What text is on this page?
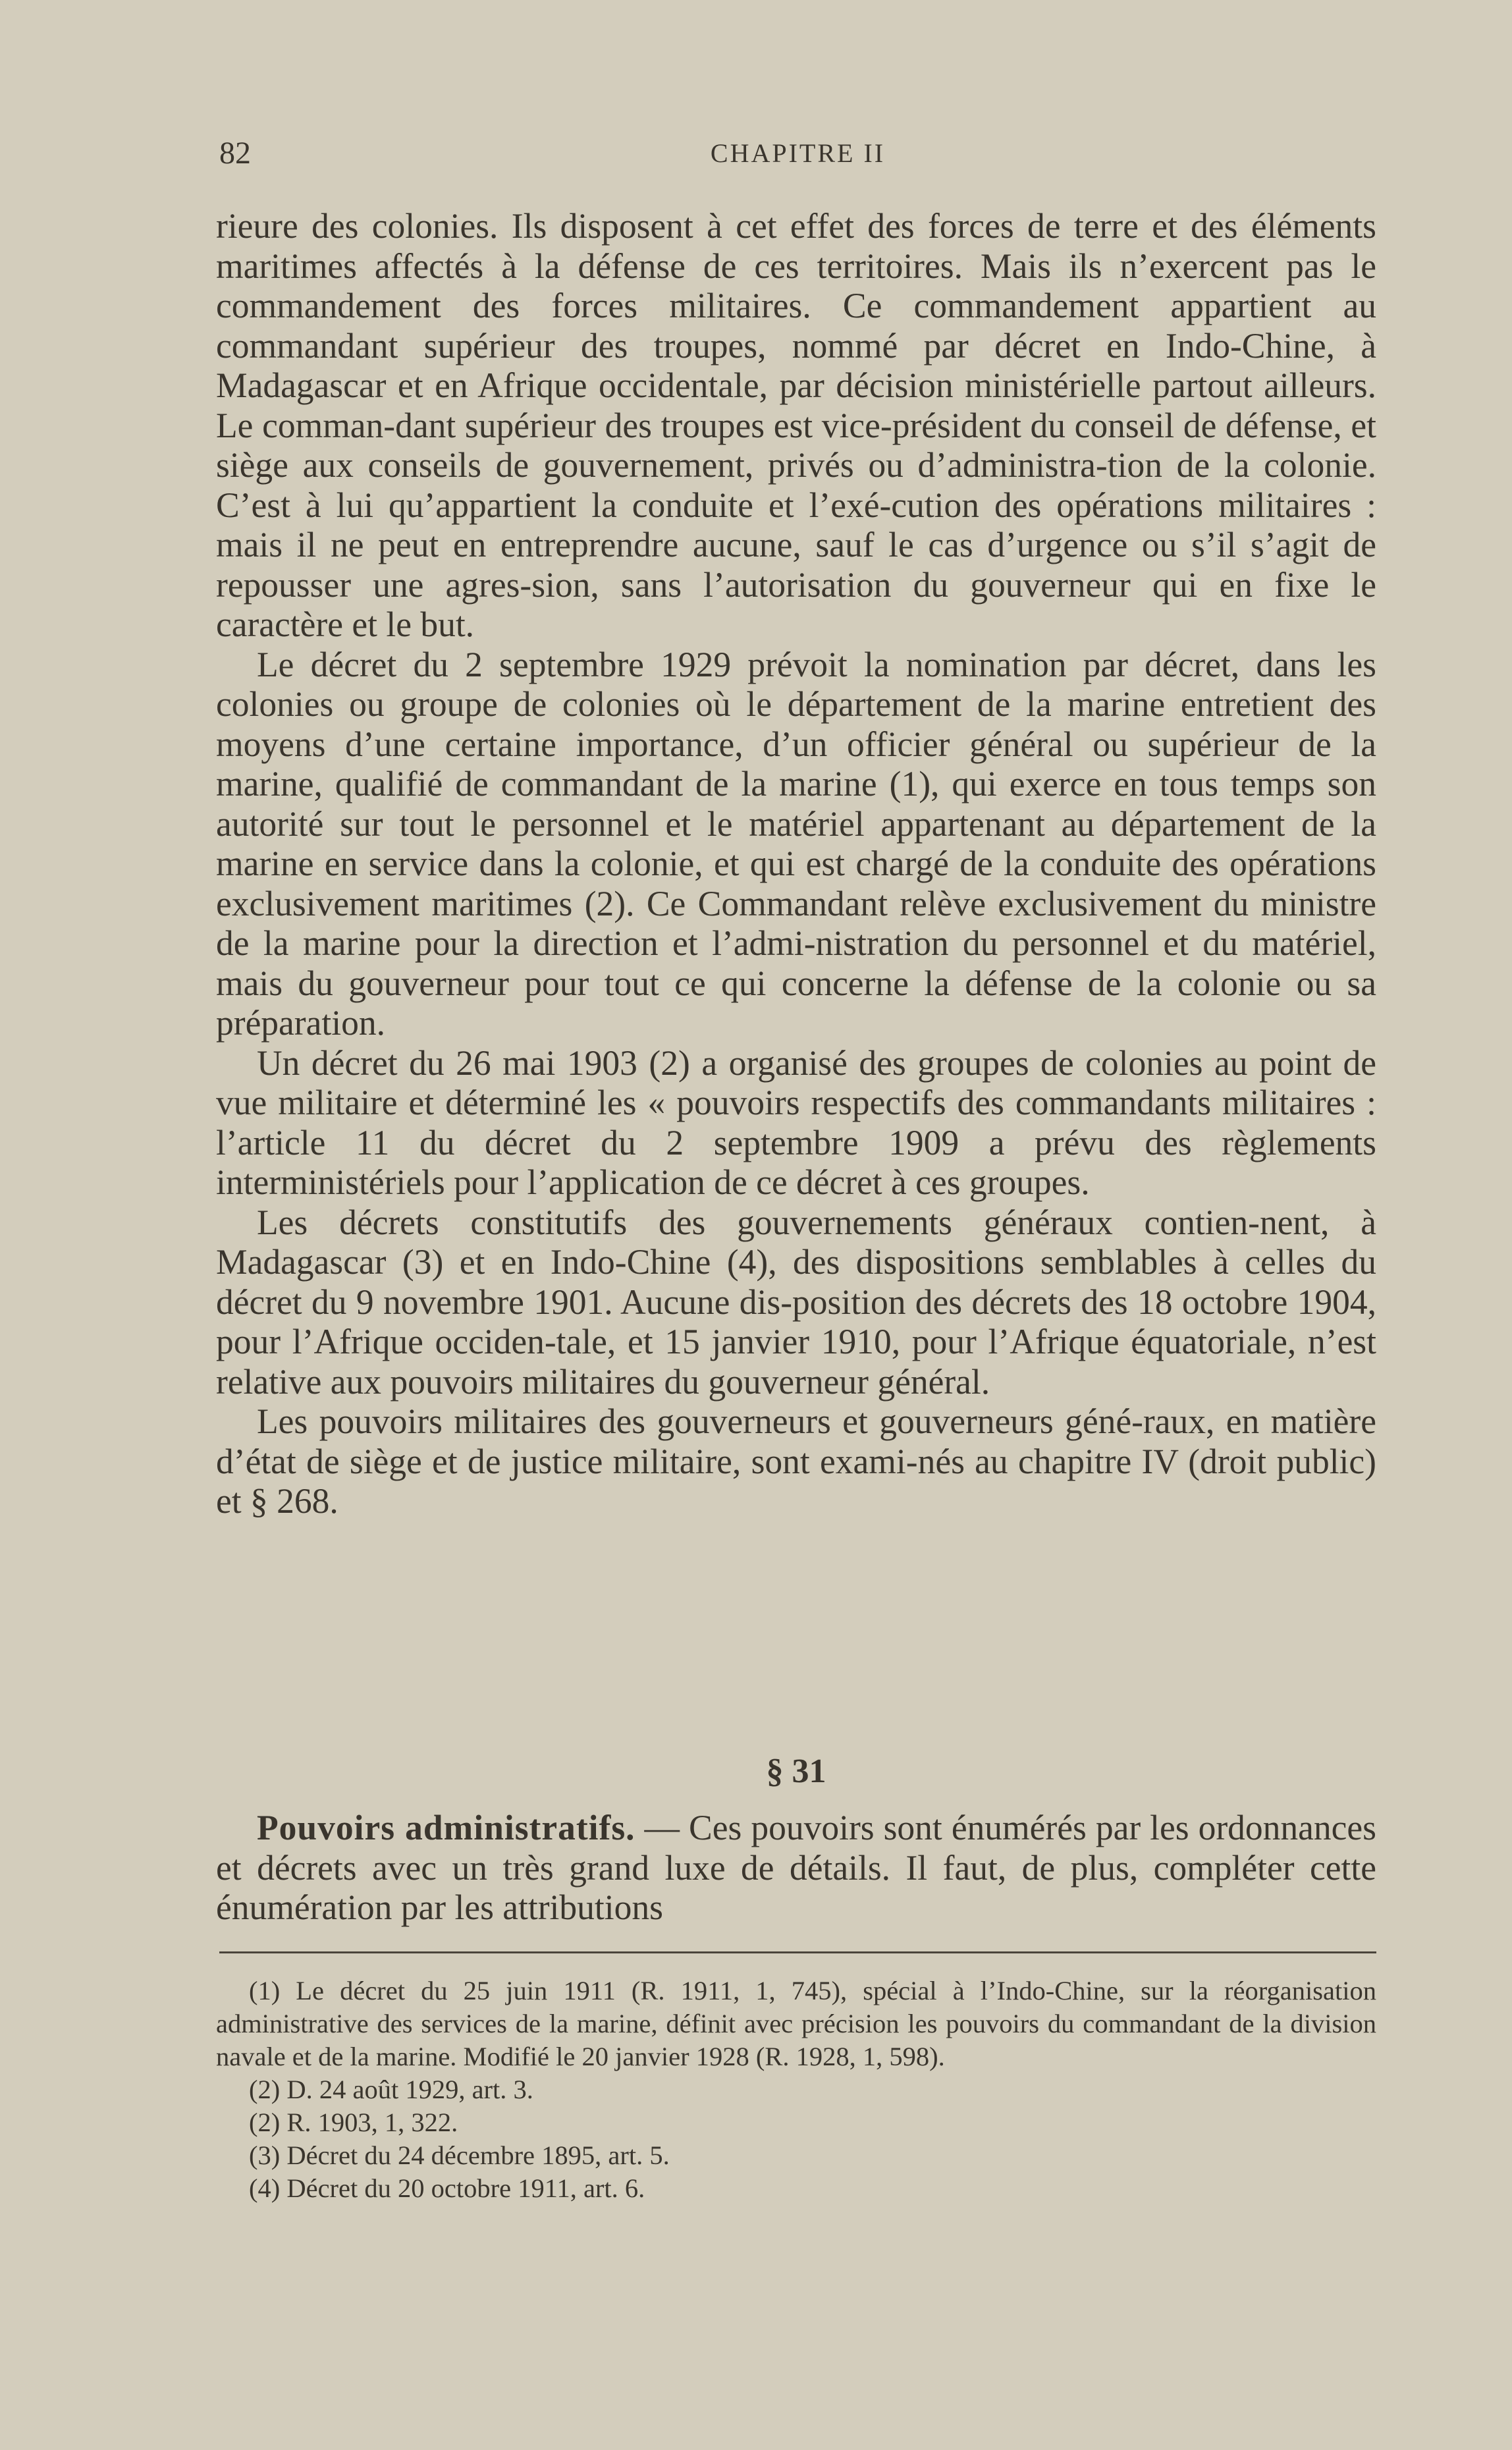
82	CHAPITRE II

rieure des colonies. Ils disposent à cet effet des forces de terre et des éléments maritimes affectés à la défense de ces territoires. Mais ils n’exercent pas le commandement des forces militaires. Ce commandement appartient au commandant supérieur des troupes, nommé par décret en Indo-Chine, à Madagascar et en Afrique occidentale, par décision ministérielle partout ailleurs. Le comman-dant supérieur des troupes est vice-président du conseil de défense, et siège aux conseils de gouvernement, privés ou d’administra-tion de la colonie. C’est à lui qu’appartient la conduite et l’exé-cution des opérations militaires : mais il ne peut en entreprendre aucune, sauf le cas d’urgence ou s’il s’agit de repousser une agres-sion, sans l’autorisation du gouverneur qui en fixe le caractère et le but.

Le décret du 2 septembre 1929 prévoit la nomination par décret, dans les colonies ou groupe de colonies où le département de la marine entretient des moyens d’une certaine importance, d’un officier général ou supérieur de la marine, qualifié de commandant de la marine (1), qui exerce en tous temps son autorité sur tout le personnel et le matériel appartenant au département de la marine en service dans la colonie, et qui est chargé de la conduite des opérations exclusivement maritimes (2). Ce Commandant relève exclusivement du ministre de la marine pour la direction et l’admi-nistration du personnel et du matériel, mais du gouverneur pour tout ce qui concerne la défense de la colonie ou sa préparation.

Un décret du 26 mai 1903 (2) a organisé des groupes de colonies au point de vue militaire et déterminé les « pouvoirs respectifs des commandants militaires : l’article 11 du décret du 2 septembre 1909 a prévu des règlements interministériels pour l’application de ce décret à ces groupes.

Les décrets constitutifs des gouvernements généraux contien-nent, à Madagascar (3) et en Indo-Chine (4), des dispositions semblables à celles du décret du 9 novembre 1901. Aucune dis-position des décrets des 18 octobre 1904, pour l’Afrique occiden-tale, et 15 janvier 1910, pour l’Afrique équatoriale, n’est relative aux pouvoirs militaires du gouverneur général.

Les pouvoirs militaires des gouverneurs et gouverneurs géné-raux, en matière d’état de siège et de justice militaire, sont exami-nés au chapitre IV (droit public) et § 268.

§ 31

Pouvoirs administratifs. — Ces pouvoirs sont énumérés par les ordonnances et décrets avec un très grand luxe de détails. Il faut, de plus, compléter cette énumération par les attributions

(1) Le décret du 25 juin 1911 (R. 1911, 1, 745), spécial à l’Indo-Chine, sur la réorganisation administrative des services de la marine, définit avec précision les pouvoirs du commandant de la division navale et de la marine. Modifié le 20 janvier 1928 (R. 1928, 1, 598).

(2) D. 24 août 1929, art. 3.

(2) R. 1903, 1, 322.

(3) Décret du 24 décembre 1895, art. 5.

(4) Décret du 20 octobre 1911, art. 6.
